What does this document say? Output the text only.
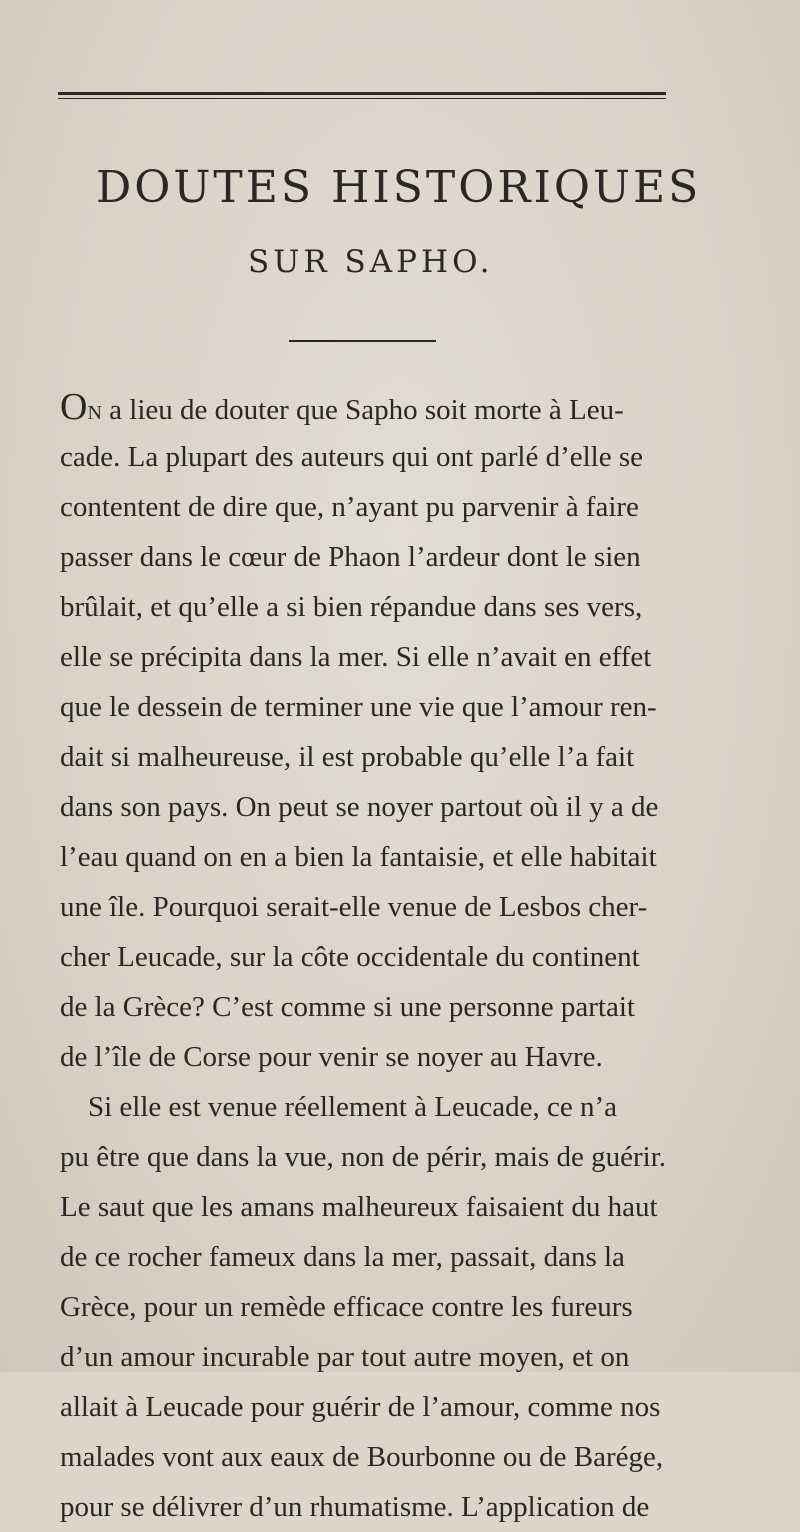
DOUTES HISTORIQUES
SUR SAPHO.
ON a lieu de douter que Sapho soit morte à Leu-
cade. La plupart des auteurs qui ont parlé d’elle se
contentent de dire que, n’ayant pu parvenir à faire
passer dans le cœur de Phaon l’ardeur dont le sien
brûlait, et qu’elle a si bien répandue dans ses vers,
elle se précipita dans la mer. Si elle n’avait en effet
que le dessein de terminer une vie que l’amour ren-
dait si malheureuse, il est probable qu’elle l’a fait
dans son pays. On peut se noyer partout où il y a de
l’eau quand on en a bien la fantaisie, et elle habitait
une île. Pourquoi serait-elle venue de Lesbos cher-
cher Leucade, sur la côte occidentale du continent
de la Grèce? C’est comme si une personne partait
de l’île de Corse pour venir se noyer au Havre.
Si elle est venue réellement à Leucade, ce n’a
pu être que dans la vue, non de périr, mais de guérir.
Le saut que les amans malheureux faisaient du haut
de ce rocher fameux dans la mer, passait, dans la
Grèce, pour un remède efficace contre les fureurs
d’un amour incurable par tout autre moyen, et on
allait à Leucade pour guérir de l’amour, comme nos
malades vont aux eaux de Bourbonne ou de Barége,
pour se délivrer d’un rhumatisme. L’application de
